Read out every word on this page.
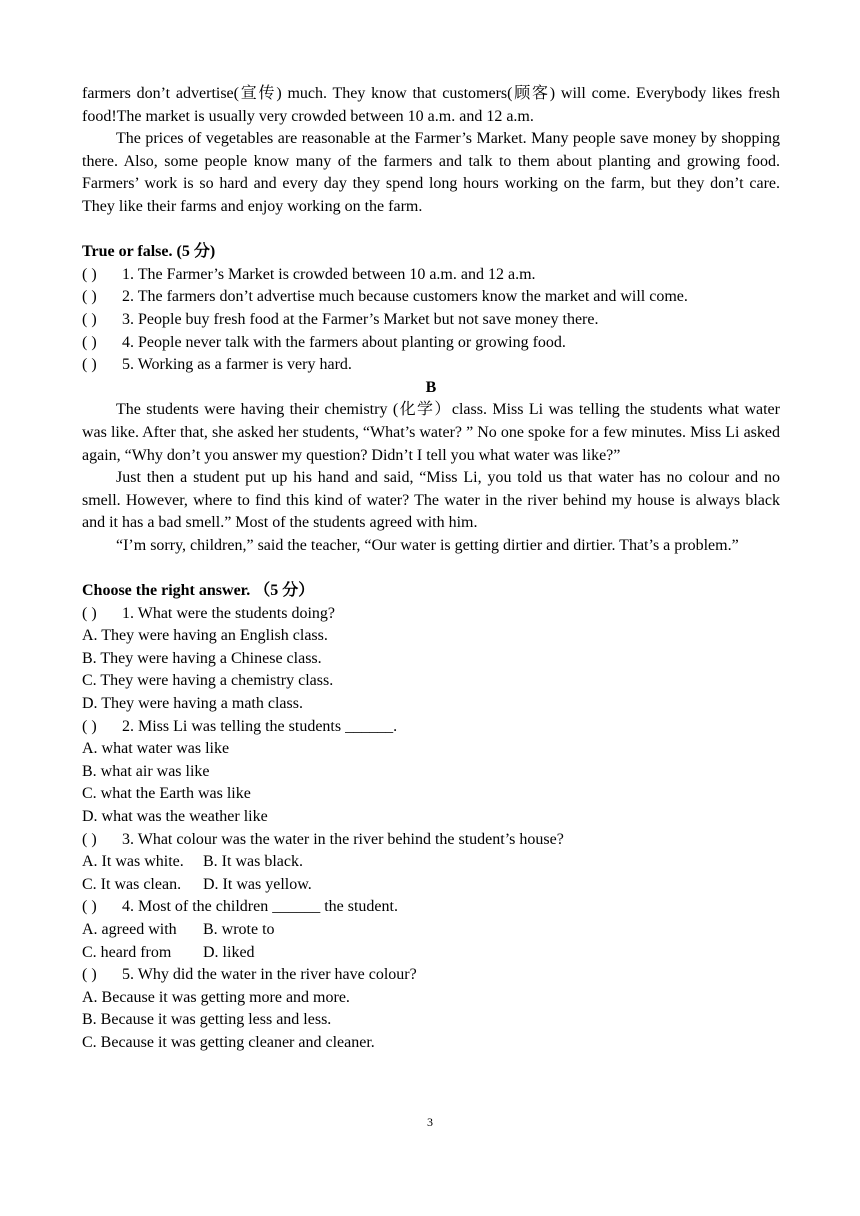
farmers don’t advertise(宣传) much. They know that customers(顾客) will come. Everybody likes fresh food!The market is usually very crowded between 10 a.m. and 12 a.m.

The prices of vegetables are reasonable at the Farmer’s Market. Many people save money by shopping there. Also, some people know many of the farmers and talk to them about planting and growing food. Farmers’ work is so hard and every day they spend long hours working on the farm, but they don’t care. They like their farms and enjoy working on the farm.

True or false. (5 分)

( )	1. The Farmer’s Market is crowded between 10 a.m. and 12 a.m.

( )	2. The farmers don’t advertise much because customers know the market and will come.

( )	3. People buy fresh food at the Farmer’s Market but not save money there.

( )	4. People never talk with the farmers about planting or growing food.

( )	5. Working as a farmer is very hard.

B

The students were having their chemistry (化学）class. Miss Li was telling the students what water was like. After that, she asked her students, “What’s water? ” No one spoke for a few minutes. Miss Li asked again, “Why don’t you answer my question? Didn’t I tell you what water was like?”

Just then a student put up his hand and said, “Miss Li, you told us that water has no colour and no smell. However, where to find this kind of water? The water in the river behind my house is always black and it has a bad smell.” Most of the students agreed with him.

“I’m sorry, children,” said the teacher, “Our water is getting dirtier and dirtier. That’s a problem.”

Choose the right answer. （5 分）

( )	1. What were the students doing?

A. They were having an English class.

B. They were having a Chinese class.

C. They were having a chemistry class.

D. They were having a math class.

( )	2. Miss Li was telling the students ______.

A. what water was like

B. what air was like

C. what the Earth was like

D. what was the weather like

( )	3. What colour was the water in the river behind the student’s house?

A. It was white.	B. It was black.

C. It was clean.	D. It was yellow.

( )	4. Most of the children ______ the student.

A. agreed with	B. wrote to

C. heard from	D. liked

( )	5. Why did the water in the river have colour?

A. Because it was getting more and more.

B. Because it was getting less and less.

C. Because it was getting cleaner and cleaner.

3
